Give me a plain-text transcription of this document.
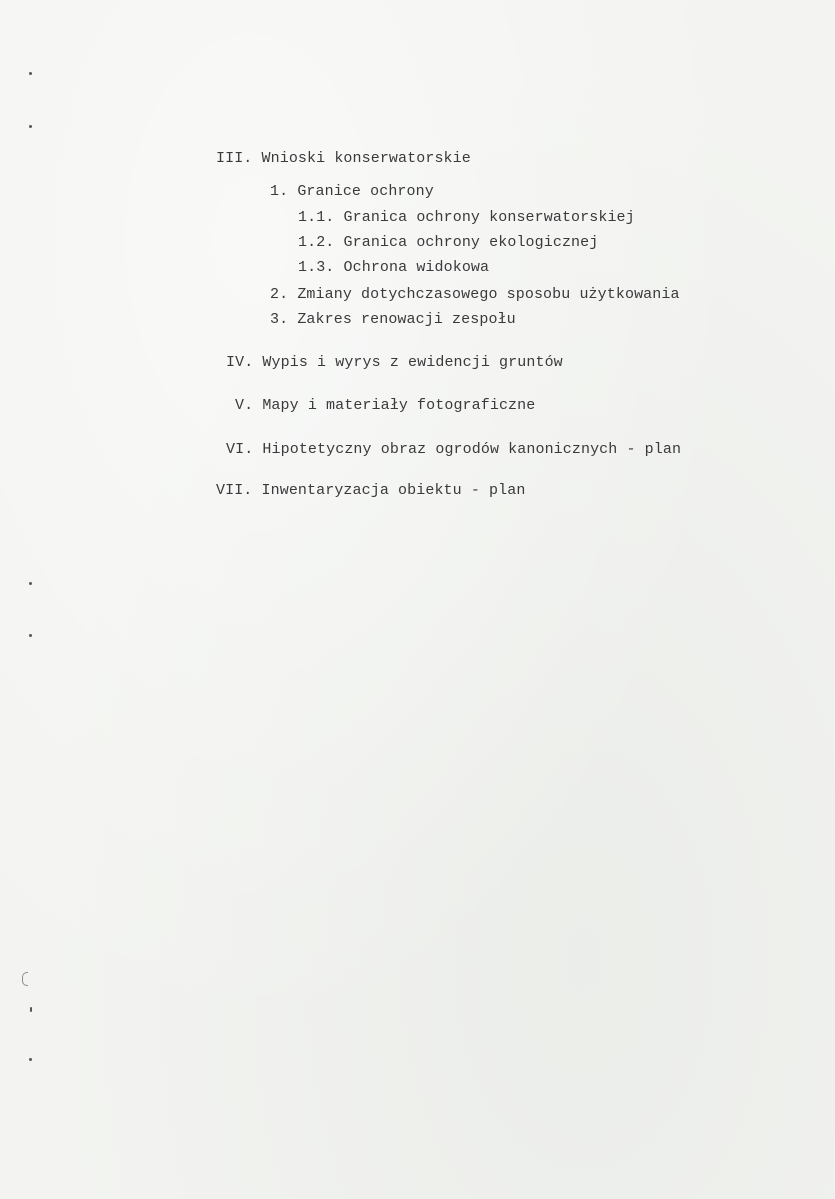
III. Wnioski konserwatorskie
1. Granice ochrony
1.1. Granica ochrony konserwatorskiej
1.2. Granica ochrony ekologicznej
1.3. Ochrona widokowa
2. Zmiany dotychczasowego sposobu użytkowania
3. Zakres renowacji zespołu
IV. Wypis i wyrys z ewidencji gruntów
V. Mapy i materiały fotograficzne
VI. Hipotetyczny obraz ogrodów kanonicznych - plan
VII. Inwentaryzacja obiektu - plan
